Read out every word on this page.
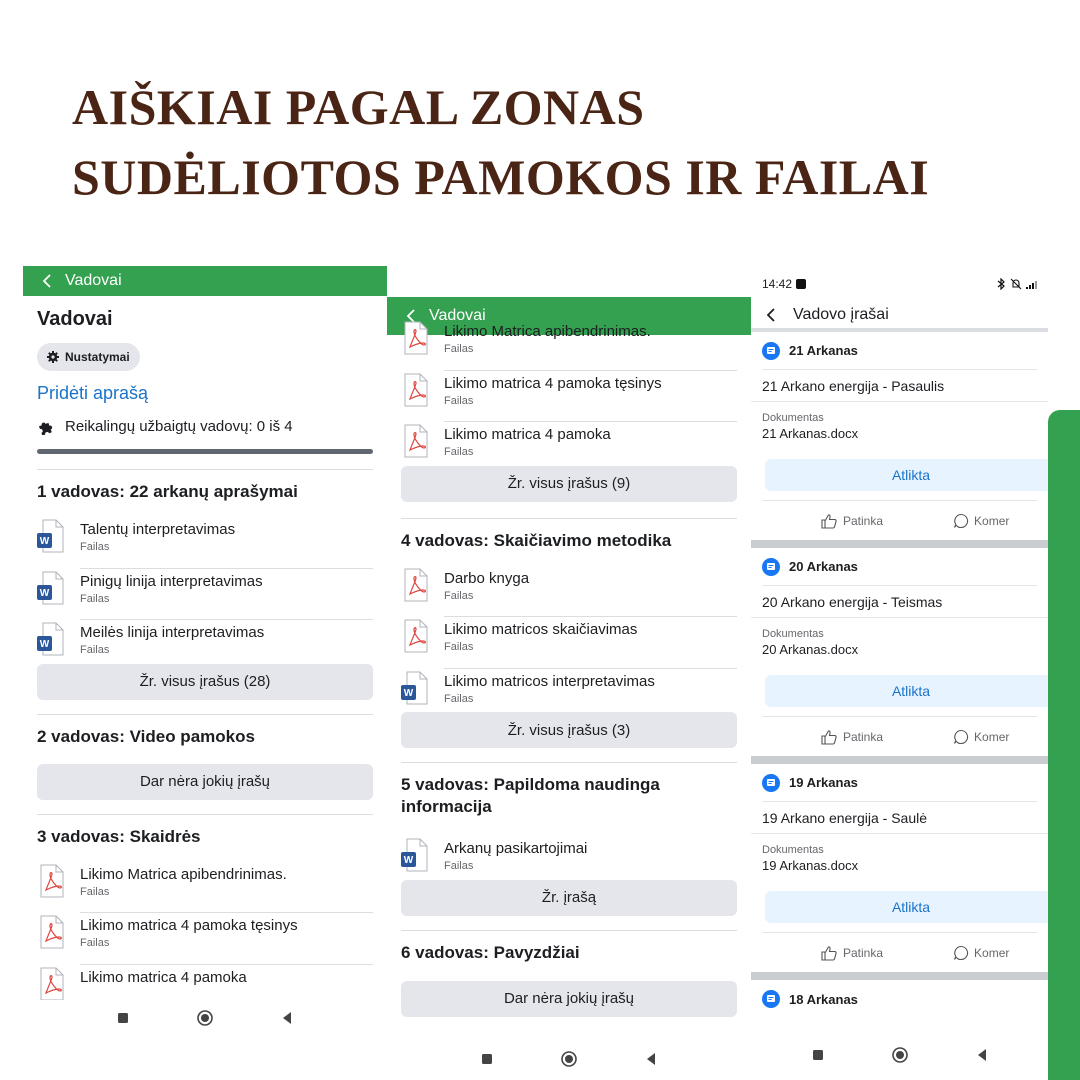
AIŠKIAI PAGAL ZONAS
SUDĖLIOTOS PAMOKOS IR FAILAI
Vadovai
Vadovai
Nustatymai
Pridėti aprašą
Reikalingų užbaigtų vadovų: 0 iš 4
1 vadovas: 22 arkanų aprašymai
W
Talentų interpretavimas
Failas
W
Pinigų linija interpretavimas
Failas
W
Meilės linija interpretavimas
Failas
Žr. visus įrašus (28)
2 vadovas: Video pamokos
Dar nėra jokių įrašų
3 vadovas: Skaidrės
Likimo Matrica apibendrinimas.
Failas
Likimo matrica 4 pamoka tęsinys
Failas
Likimo matrica 4 pamoka
Vadovai
Likimo Matrica apibendrinimas.
Failas
Likimo matrica 4 pamoka tęsinys
Failas
Likimo matrica 4 pamoka
Failas
Žr. visus įrašus (9)
4 vadovas: Skaičiavimo metodika
Darbo knyga
Failas
Likimo matricos skaičiavimas
Failas
W
Likimo matricos interpretavimas
Failas
Žr. visus įrašus (3)
5 vadovas: Papildoma naudinga
informacija
W
Arkanų pasikartojimai
Failas
Žr. įrašą
6 vadovas: Pavyzdžiai
Dar nėra jokių įrašų
14:42
Vadovo įrašai
21 Arkanas
21 Arkano energija - Pasaulis
Dokumentas
21 Arkanas.docx
Atlikta
Patinka	Komer
20 Arkanas
20 Arkano energija - Teismas
Dokumentas
20 Arkanas.docx
Atlikta
Patinka	Komer
19 Arkanas
19 Arkano energija - Saulė
Dokumentas
19 Arkanas.docx
Atlikta
Patinka	Komer
18 Arkanas
